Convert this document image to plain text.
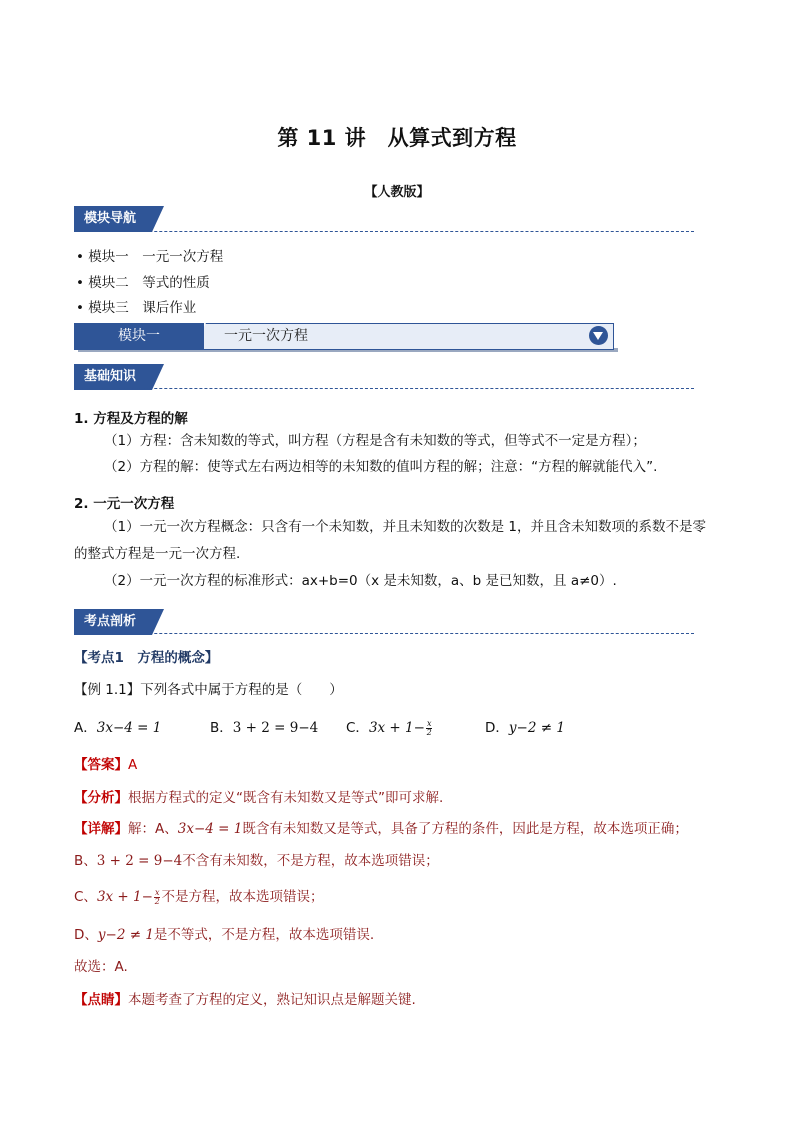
第 11 讲　从算式到方程
【人教版】
模块导航
• 模块一　一元一次方程
• 模块二　等式的性质
• 模块三　课后作业
模块一	一元一次方程
基础知识
1. 方程及方程的解
（1）方程：含未知数的等式，叫方程（方程是含有未知数的等式，但等式不一定是方程）；
（2）方程的解：使等式左右两边相等的未知数的值叫方程的解；注意：“方程的解就能代入”.
2. 一元一次方程
（1）一元一次方程概念：只含有一个未知数，并且未知数的次数是 1，并且含未知数项的系数不是零
的整式方程是一元一次方程.
（2）一元一次方程的标准形式：ax+b=0（x 是未知数，a、b 是已知数，且 a≠0）.
考点剖析
【考点1　方程的概念】
【例 1.1】下列各式中属于方程的是（　　）
A．3x−4 = 1	B．3 + 2 = 9−4 C．$3x + 1- \frac{x}{2}$	D．y−2 ≠ 1
【答案】A
【分析】根据方程式的定义“既含有未知数又是等式”即可求解.
【详解】解：A、3x−4 = 1既含有未知数又是等式，具备了方程的条件，因此是方程，故本选项正确；
B、3 + 2 = 9−4不含有未知数，不是方程，故本选项错误；
C、$3x + 1- \frac{x}{2}$ 不是方程，故本选项错误；
D、y−2 ≠ 1是不等式，不是方程，故本选项错误.
故选：A.
【点睛】本题考查了方程的定义，熟记知识点是解题关键.
